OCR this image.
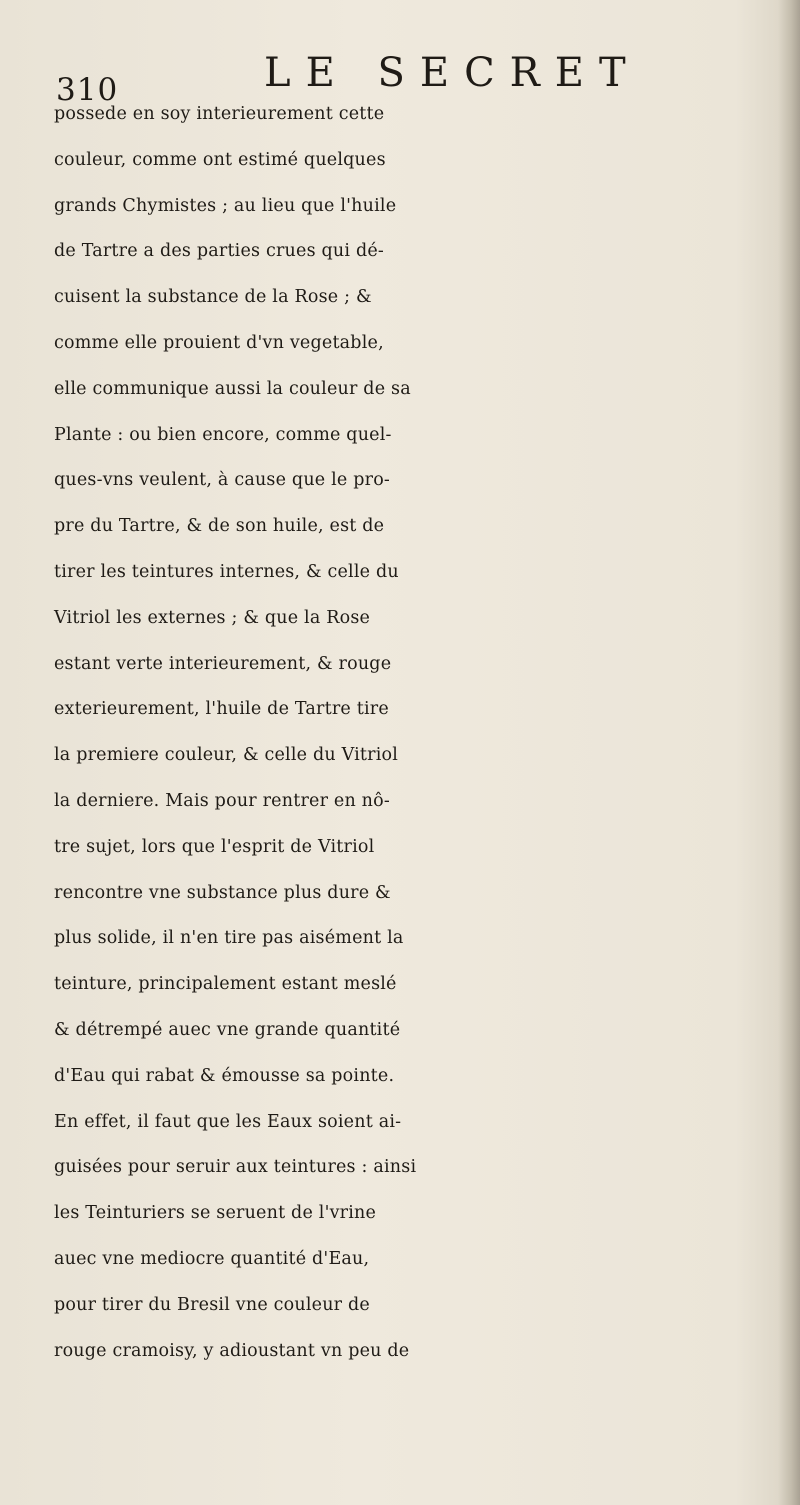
310	LE SECRET
possede en soy interieurement cette
couleur, comme ont estimé quelques
grands Chymistes ; au lieu que l'huile
de Tartre a des parties crues qui dé-
cuisent la substance de la Rose ; &
comme elle prouient d'vn vegetable,
elle communique aussi la couleur de sa
Plante : ou bien encore, comme quel-
ques-vns veulent, à cause que le pro-
pre du Tartre, & de son huile, est de
tirer les teintures internes, & celle du
Vitriol les externes ; & que la Rose
estant verte interieurement, & rouge
exterieurement, l'huile de Tartre tire
la premiere couleur, & celle du Vitriol
la derniere. Mais pour rentrer en nô-
tre sujet, lors que l'esprit de Vitriol
rencontre vne substance plus dure &
plus solide, il n'en tire pas aisément la
teinture, principalement estant meslé
& détrempé auec vne grande quantité
d'Eau qui rabat & émousse sa pointe.
En effet, il faut que les Eaux soient ai-
guisées pour seruir aux teintures : ainsi
les Teinturiers se seruent de l'vrine
auec vne mediocre quantité d'Eau,
pour tirer du Bresil vne couleur de
rouge cramoisy, y adioustant vn peu de
